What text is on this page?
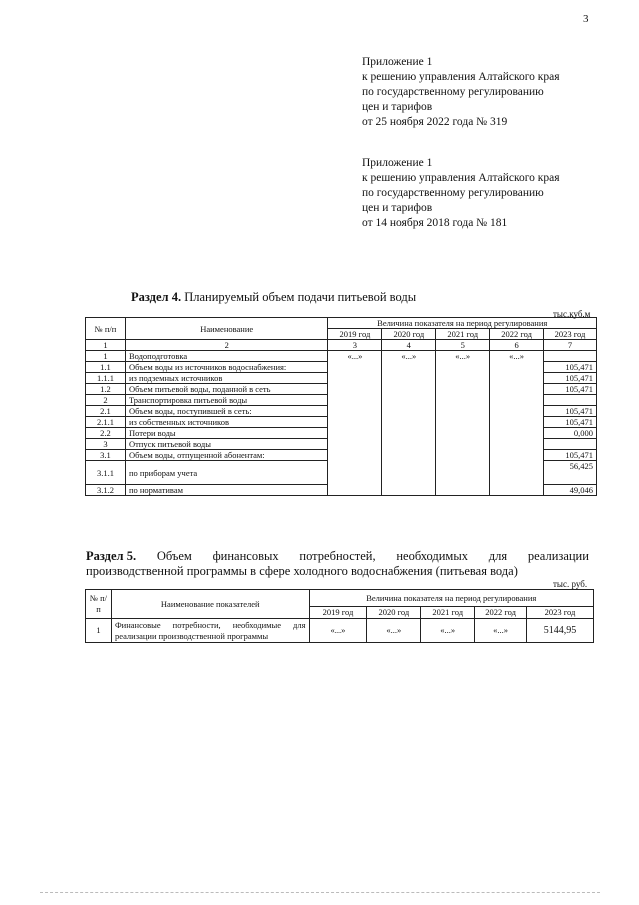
3
Приложение 1
к решению управления Алтайского края
по государственному регулированию
цен и тарифов
от 25 ноября 2022 года № 319
Приложение 1
к решению управления Алтайского края
по государственному регулированию
цен и тарифов
от 14 ноября 2018 года № 181
Раздел 4. Планируемый объем подачи питьевой воды
тыс.куб.м
№ п/п	Наименование	Величина показателя на период регулирования				
		2019 год	2020 год	2021 год	2022 год	2023 год
1	2	3	4	5	6	7
1	Водоподготовка	«...»	«...»	«...»	«...»	
1.1	Объем воды из источников водоснабжения:					105,471
1.1.1	из подземных источников					105,471
1.2	Объем питьевой воды, поданной в сеть					105,471
2	Транспортировка питьевой воды					
2.1	Объем воды, поступившей в сеть:					105,471
2.1.1	из собственных источников					105,471
2.2	Потери воды					0,000
3	Отпуск питьевой воды					
3.1	Объем воды, отпущенной абонентам:					105,471
3.1.1	по приборам учета					56,425
3.1.2	по нормативам					49,046
Раздел 5. Объем финансовых потребностей, необходимых для реализации
производственной программы в сфере холодного водоснабжения (питьевая вода)
тыс. руб.
№ п/п	Наименование показателей	Величина показателя на период регулирования				
		2019 год	2020 год	2021 год	2022 год	2023 год
1	Финансовые потребности, необходимые для реализации производственной программы	«...»	«...»	«...»	«...»	5144,95
